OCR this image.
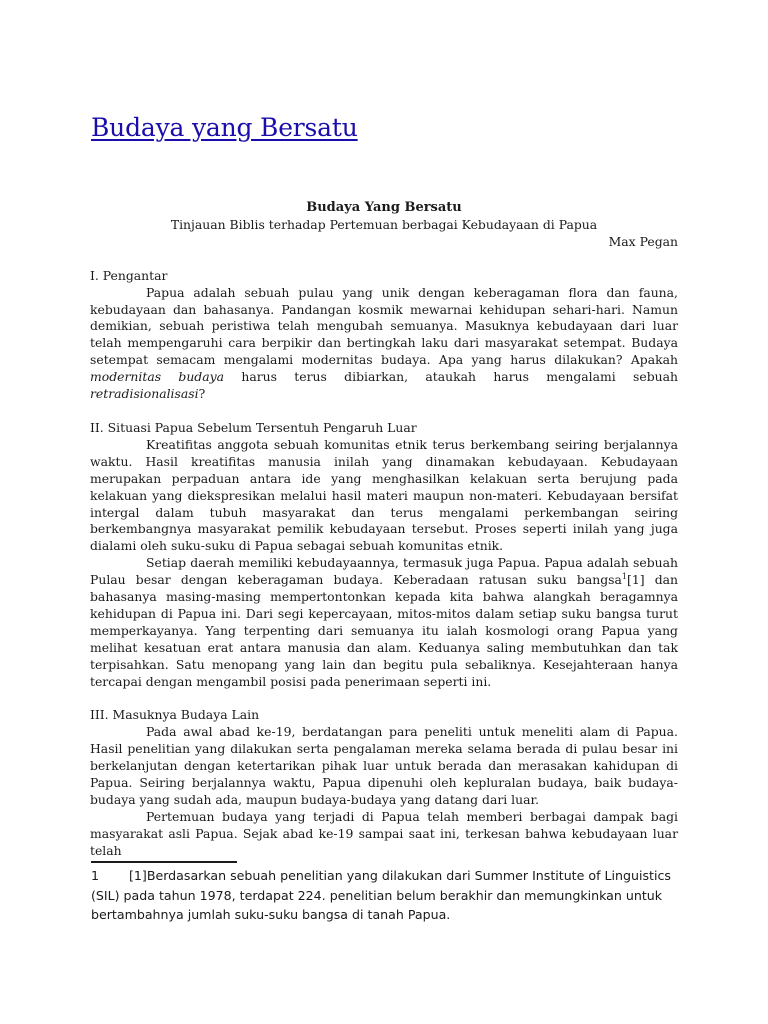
Budaya yang Bersatu

Budaya Yang Bersatu

Tinjauan Biblis terhadap Pertemuan berbagai Kebudayaan di Papua

Max Pegan

I. Pengantar

Papua adalah sebuah pulau yang unik dengan keberagaman flora dan fauna, kebudayaan dan bahasanya. Pandangan kosmik mewarnai kehidupan sehari-hari. Namun demikian, sebuah peristiwa telah mengubah semuanya. Masuknya kebudayaan dari luar telah mempengaruhi cara berpikir dan bertingkah laku dari masyarakat setempat. Budaya setempat semacam mengalami modernitas budaya. Apa yang harus dilakukan? Apakah modernitas budaya harus terus dibiarkan, ataukah harus mengalami sebuah retradisionalisasi?

II. Situasi Papua Sebelum Tersentuh Pengaruh Luar

Kreatifitas anggota sebuah komunitas etnik terus berkembang seiring berjalannya waktu. Hasil kreatifitas manusia inilah yang dinamakan kebudayaan. Kebudayaan merupakan perpaduan antara ide yang menghasilkan kelakuan serta berujung pada kelakuan yang diekspresikan melalui hasil materi maupun non-materi. Kebudayaan bersifat intergal dalam tubuh masyarakat dan terus mengalami perkembangan seiring berkembangnya masyarakat pemilik kebudayaan tersebut. Proses seperti inilah yang juga dialami oleh suku-suku di Papua sebagai sebuah komunitas etnik.

Setiap daerah memiliki kebudayaannya, termasuk juga Papua. Papua adalah sebuah Pulau besar dengan keberagaman budaya. Keberadaan ratusan suku bangsa$^1$[1] dan bahasanya masing-masing mempertontonkan kepada kita bahwa alangkah beragamnya kehidupan di Papua ini. Dari segi kepercayaan, mitos-mitos dalam setiap suku bangsa turut memperkayanya. Yang terpenting dari semuanya itu ialah kosmologi orang Papua yang melihat kesatuan erat antara manusia dan alam. Keduanya saling membutuhkan dan tak terpisahkan. Satu menopang yang lain dan begitu pula sebaliknya. Kesejahteraan hanya tercapai dengan mengambil posisi pada penerimaan seperti ini.

III. Masuknya Budaya Lain

Pada awal abad ke-19, berdatangan para peneliti untuk meneliti alam di Papua. Hasil penelitian yang dilakukan serta pengalaman mereka selama berada di pulau besar ini berkelanjutan dengan ketertarikan pihak luar untuk berada dan merasakan kahidupan di Papua. Seiring berjalannya waktu, Papua dipenuhi oleh kepluralan budaya, baik budaya-budaya yang sudah ada, maupun budaya-budaya yang datang dari luar.

Pertemuan budaya yang terjadi di Papua telah memberi berbagai dampak bagi masyarakat asli Papua. Sejak abad ke-19 sampai saat ini, terkesan bahwa kebudayaan luar telah

1 [1]Berdasarkan sebuah penelitian yang dilakukan dari Summer Institute of Linguistics (SIL) pada tahun 1978, terdapat 224. penelitian belum berakhir dan memungkinkan untuk bertambahnya jumlah suku-suku bangsa di tanah Papua.
